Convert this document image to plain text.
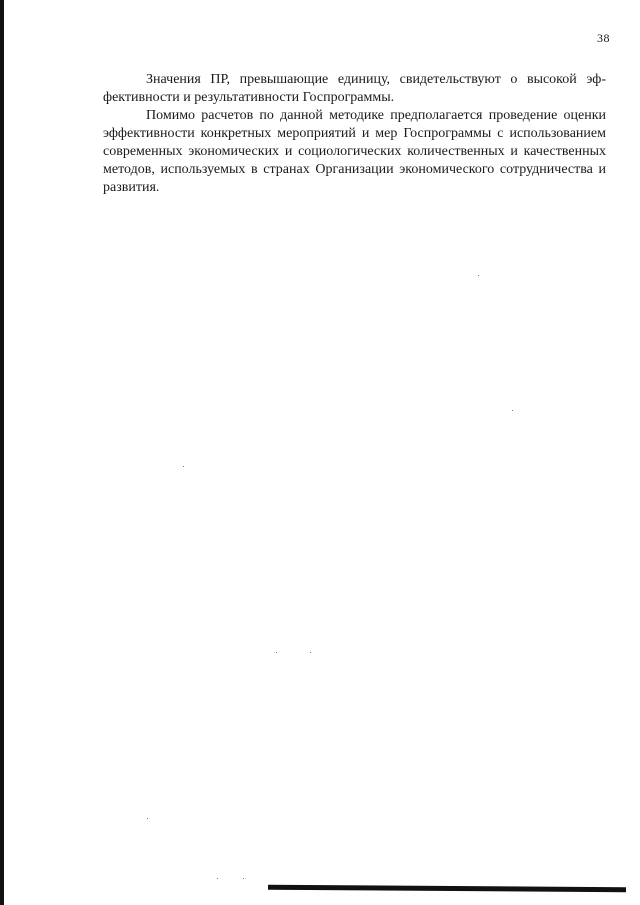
38

Значения ПР, превышающие единицу, свидетельствуют о высокой эффективности и результативности Госпрограммы.

Помимо расчетов по данной методике предполагается проведение оценки эффективности конкретных мероприятий и мер Госпрограммы с использованием современных экономических и социологических количественных и качественных методов, используемых в странах Организации экономического сотрудничества и развития.
